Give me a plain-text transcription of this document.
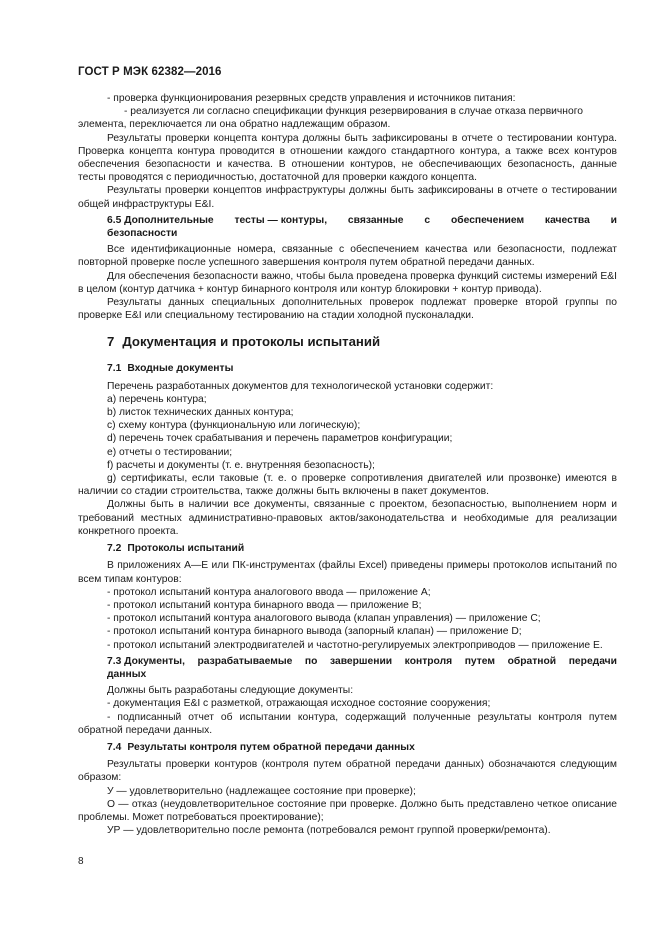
ГОСТ Р МЭК 62382—2016

- проверка функционирования резервных средств управления и источников питания:

- реализуется ли согласно спецификации функция резервирования в случае отказа первичного

элемента, переключается ли она обратно надлежащим образом.

Результаты проверки концепта контура должны быть зафиксированы в отчете о тестировании контура. Проверка концепта контура проводится в отношении каждого стандартного контура, а также всех контуров обеспечения безопасности и качества. В отношении контуров, не обеспечивающих безопасность, данные тесты проводятся с периодичностью, достаточной для проверки каждого концепта.

Результаты проверки концептов инфраструктуры должны быть зафиксированы в отчете о тестировании общей инфраструктуры E&I.

6.5 Дополнительные тесты — контуры, связанные с обеспечением качества и

безопасности

Все идентификационные номера, связанные с обеспечением качества или безопасности, подлежат повторной проверке после успешного завершения контроля путем обратной передачи данных.

Для обеспечения безопасности важно, чтобы была проведена проверка функций системы измерений E&I в целом (контур датчика + контур бинарного контроля или контур блокировки + контур привода).

Результаты данных специальных дополнительных проверок подлежат проверке второй группы по проверке E&I или специальному тестированию на стадии холодной пусконаладки.

7 Документация и протоколы испытаний

7.1 Входные документы

Перечень разработанных документов для технологической установки содержит:

a) перечень контура;

b) листок технических данных контура;

c) схему контура (функциональную или логическую);

d) перечень точек срабатывания и перечень параметров конфигурации;

e) отчеты о тестировании;

f) расчеты и документы (т. е. внутренняя безопасность);

g) сертификаты, если таковые (т. е. о проверке сопротивления двигателей или прозвонке) имеются в наличии со стадии строительства, также должны быть включены в пакет документов.

Должны быть в наличии все документы, связанные с проектом, безопасностью, выполнением норм и требований местных административно-правовых актов/законодательства и необходимые для реализации конкретного проекта.

7.2 Протоколы испытаний

В приложениях А—Е или ПК-инструментах (файлы Excel) приведены примеры протоколов испытаний по всем типам контуров:

- протокол испытаний контура аналогового ввода — приложение A;

- протокол испытаний контура бинарного ввода — приложение B;

- протокол испытаний контура аналогового вывода (клапан управления) — приложение C;

- протокол испытаний контура бинарного вывода (запорный клапан) — приложение D;

- протокол испытаний электродвигателей и частотно-регулируемых электроприводов — приложение E.

7.3 Документы, разрабатываемые по завершении контроля путем обратной передачи

данных

Должны быть разработаны следующие документы:

- документация E&I с разметкой, отражающая исходное состояние сооружения;

- подписанный отчет об испытании контура, содержащий полученные результаты контроля путем обратной передачи данных.

7.4 Результаты контроля путем обратной передачи данных

Результаты проверки контуров (контроля путем обратной передачи данных) обозначаются следующим образом:

У — удовлетворительно (надлежащее состояние при проверке);

О — отказ (неудовлетворительное состояние при проверке. Должно быть представлено четкое описание проблемы. Может потребоваться проектирование);

УР — удовлетворительно после ремонта (потребовался ремонт группой проверки/ремонта).

8
